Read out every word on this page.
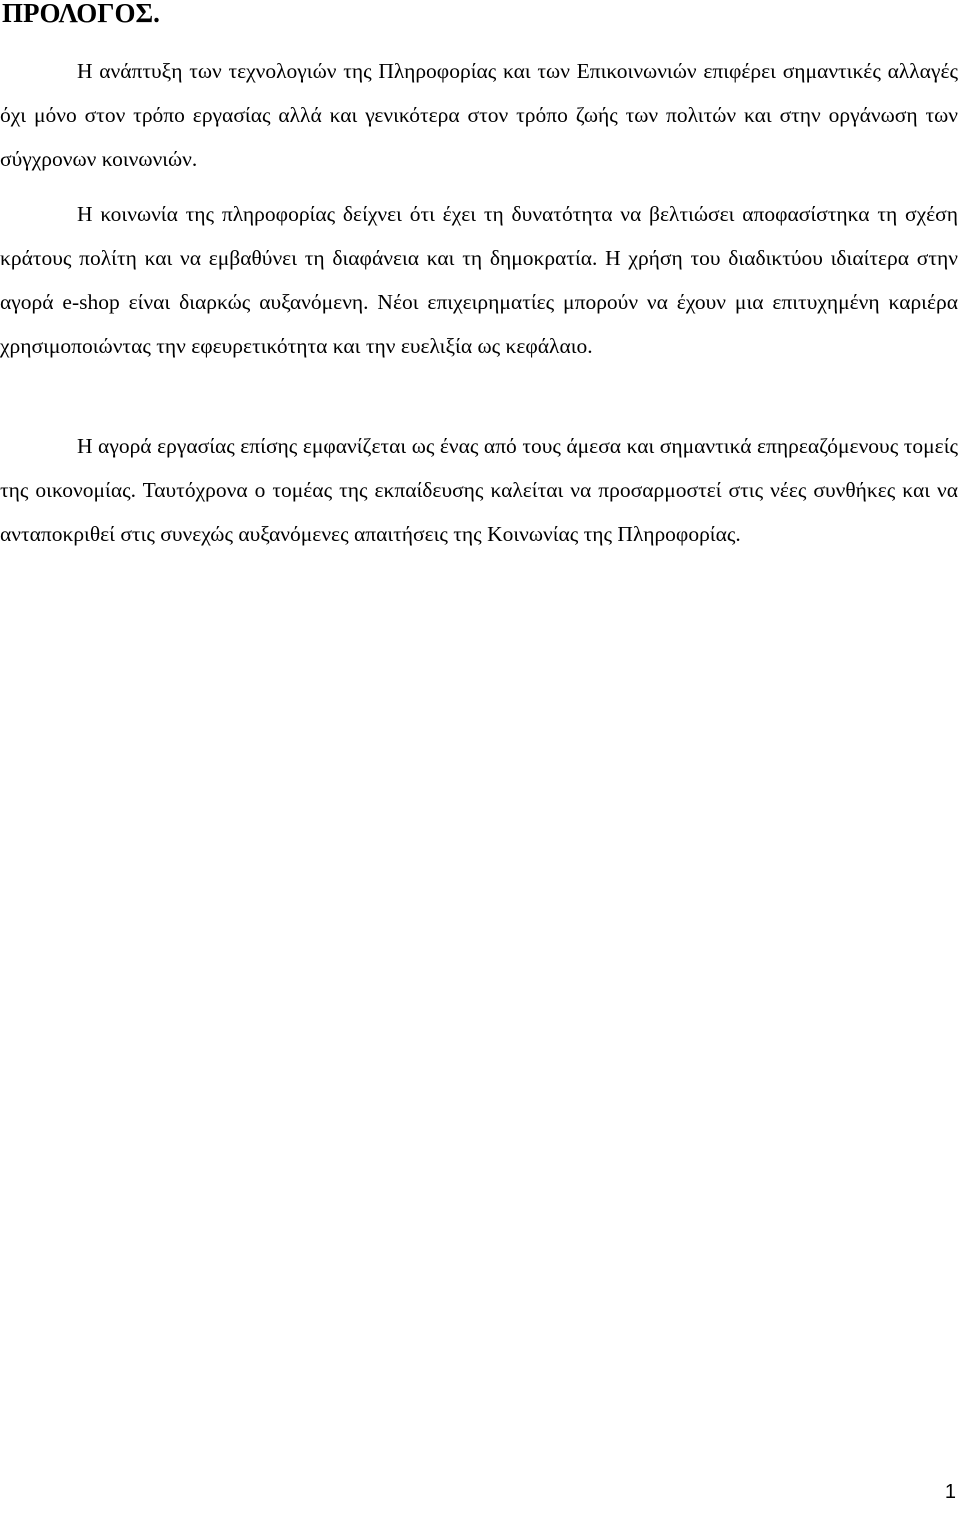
ΠΡΟΛΟΓΟΣ.

Η ανάπτυξη των τεχνολογιών της Πληροφορίας και των Επικοινωνιών επιφέρει σημαντικές αλλαγές όχι μόνο στον τρόπο εργασίας αλλά και γενικότερα στον τρόπο ζωής των πολιτών και στην οργάνωση των σύγχρονων κοινωνιών.

Η κοινωνία της πληροφορίας δείχνει ότι έχει τη δυνατότητα να βελτιώσει αποφασίστηκα τη σχέση κράτους πολίτη και να εμβαθύνει τη διαφάνεια και τη δημοκρατία. Η χρήση του διαδικτύου ιδιαίτερα στην αγορά e-shop είναι διαρκώς αυξανόμενη. Νέοι επιχειρηματίες μπορούν να έχουν μια επιτυχημένη καριέρα χρησιμοποιώντας την εφευρετικότητα και την ευελιξία ως κεφάλαιο.

Η αγορά εργασίας επίσης εμφανίζεται ως ένας από τους άμεσα και σημαντικά επηρεαζόμενους τομείς της οικονομίας. Ταυτόχρονα ο τομέας της εκπαίδευσης καλείται να προσαρμοστεί στις νέες συνθήκες και να ανταποκριθεί στις συνεχώς αυξανόμενες απαιτήσεις της Κοινωνίας της Πληροφορίας.

1
